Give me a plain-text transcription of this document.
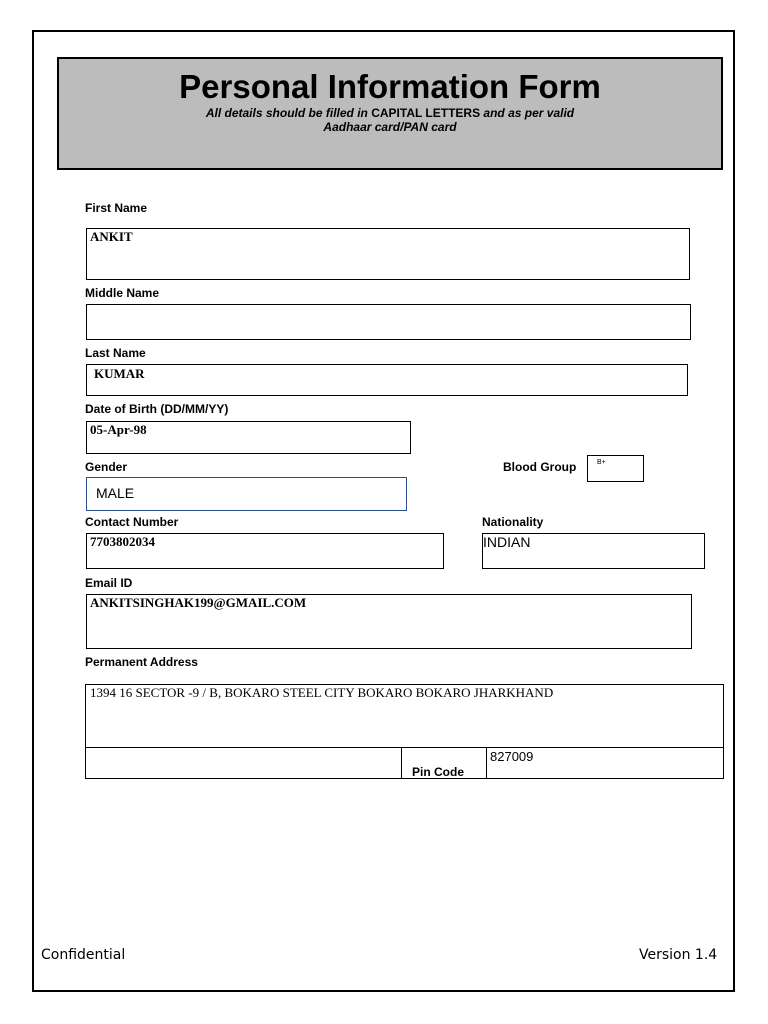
Personal Information Form
All details should be filled in CAPITAL LETTERS and as per valid
Aadhaar card/PAN card
First Name
ANKIT
Middle Name
Last Name
KUMAR
Date of Birth (DD/MM/YY)
05-Apr-98
Gender
MALE
Blood Group	B+
Contact Number
7703802034
Nationality
INDIAN
Email ID
ANKITSINGHAK199@GMAIL.COM
Permanent Address
1394 16 SECTOR -9 / B, BOKARO STEEL CITY BOKARO BOKARO JHARKHAND
Pin Code
827009
Confidential	Version 1.4
